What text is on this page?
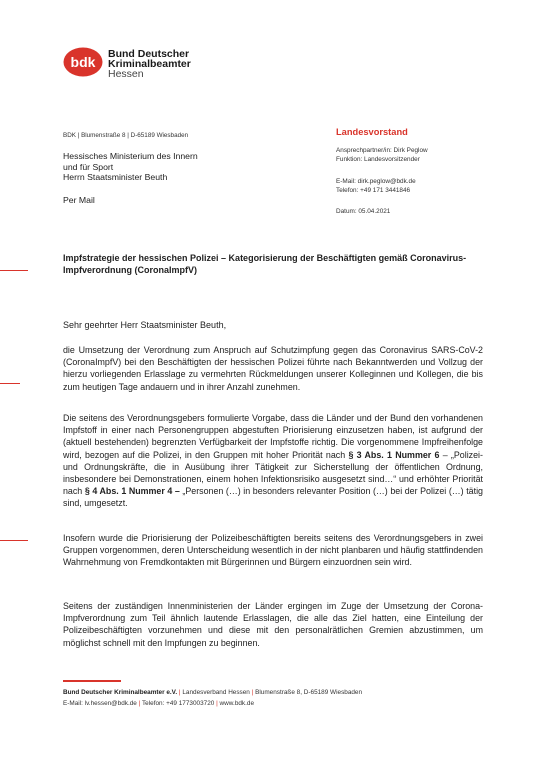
bdk Bund Deutscher
Kriminalbeamter
Hessen
BDK | Blumenstraße 8 | D-65189 Wiesbaden
Hessisches Ministerium des Innern
und für Sport
Herrn Staatsminister Beuth
Per Mail
Landesvorstand
Ansprechpartner/in: Dirk Peglow
Funktion: Landesvorsitzender
E-Mail: dirk.peglow@bdk.de
Telefon: +49 171 3441846
Datum: 05.04.2021
Impfstrategie der hessischen Polizei – Kategorisierung der Beschäftigten gemäß Coronavirus-Impfverordnung (CoronaImpfV)
Sehr geehrter Herr Staatsminister Beuth,
die Umsetzung der Verordnung zum Anspruch auf Schutzimpfung gegen das Coronavirus SARS-CoV-2 (CoronaImpfV) bei den Beschäftigten der hessischen Polizei führte nach Bekanntwerden und Vollzug der hierzu vorliegenden Erlasslage zu vermehrten Rückmeldungen unserer Kolleginnen und Kollegen, die bis zum heutigen Tage andauern und in ihrer Anzahl zunehmen.
Die seitens des Verordnungsgebers formulierte Vorgabe, dass die Länder und der Bund den vorhandenen Impfstoff in einer nach Personengruppen abgestuften Priorisierung einzusetzen haben, ist aufgrund der (aktuell bestehenden) begrenzten Verfügbarkeit der Impfstoffe richtig. Die vorgenommene Impfreihenfolge wird, bezogen auf die Polizei, in den Gruppen mit hoher Priorität nach § 3 Abs. 1 Nummer 6 – „Polizei- und Ordnungskräfte, die in Ausübung ihrer Tätigkeit zur Sicherstellung der öffentlichen Ordnung, insbesondere bei Demonstrationen, einem hohen Infektionsrisiko ausgesetzt sind…“ und erhöhter Priorität nach § 4 Abs. 1 Nummer 4 – „Personen (…) in besonders relevanter Position (…) bei der Polizei (…) tätig sind, umgesetzt.
Insofern wurde die Priorisierung der Polizeibeschäftigten bereits seitens des Verordnungsgebers in zwei Gruppen vorgenommen, deren Unterscheidung wesentlich in der nicht planbaren und häufig stattfindenden Wahrnehmung von Fremdkontakten mit Bürgerinnen und Bürgern einzuordnen sein wird.
Seitens der zuständigen Innenministerien der Länder ergingen im Zuge der Umsetzung der Corona-Impfverordnung zum Teil ähnlich lautende Erlasslagen, die alle das Ziel hatten, eine Einteilung der Polizeibeschäftigten vorzunehmen und diese mit den personalrätlichen Gremien abzustimmen, um möglichst schnell mit den Impfungen zu beginnen.
Bund Deutscher Kriminalbeamter e.V. | Landesverband Hessen | Blumenstraße 8, D-65189 Wiesbaden
E-Mail: lv.hessen@bdk.de | Telefon: +49 1773003720 | www.bdk.de
